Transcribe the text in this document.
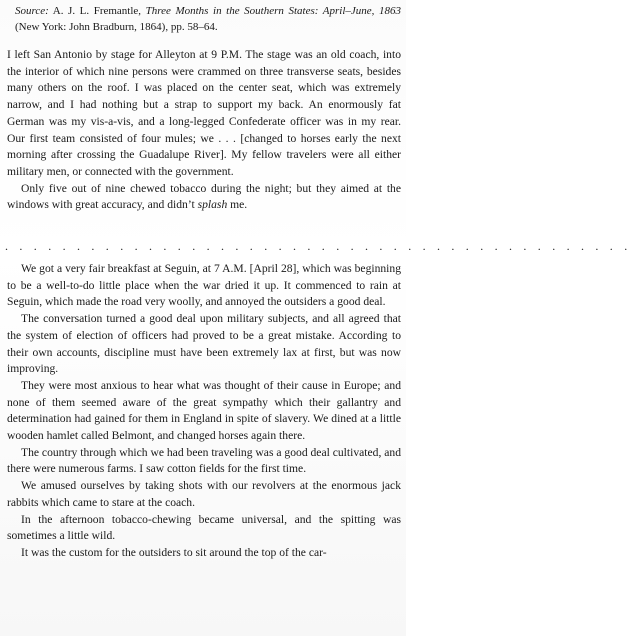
Source: A. J. L. Fremantle, Three Months in the Southern States: April–June, 1863 (New York: John Bradburn, 1864), pp. 58–64.

I left San Antonio by stage for Alleyton at 9 P.M. The stage was an old coach, into the interior of which nine persons were crammed on three transverse seats, besides many others on the roof. I was placed on the center seat, which was extremely narrow, and I had nothing but a strap to support my back. An enormously fat German was my vis-a-vis, and a long-legged Confederate officer was in my rear. Our first team consisted of four mules; we . . . [changed to horses early the next morning after crossing the Guadalupe River]. My fellow travelers were all either military men, or connected with the government.

Only five out of nine chewed tobacco during the night; but they aimed at the windows with great accuracy, and didn’t splash me.

. . . . . . . . . . . . . . . . . . . . . . . . . . . . . . . . . . . . . . . . . . . .

We got a very fair breakfast at Seguin, at 7 A.M. [April 28], which was beginning to be a well-to-do little place when the war dried it up. It commenced to rain at Seguin, which made the road very woolly, and annoyed the outsiders a good deal.

The conversation turned a good deal upon military subjects, and all agreed that the system of election of officers had proved to be a great mistake. According to their own accounts, discipline must have been extremely lax at first, but was now improving.

They were most anxious to hear what was thought of their cause in Europe; and none of them seemed aware of the great sympathy which their gallantry and determination had gained for them in England in spite of slavery. We dined at a little wooden hamlet called Belmont, and changed horses again there.

The country through which we had been traveling was a good deal cultivated, and there were numerous farms. I saw cotton fields for the first time.

We amused ourselves by taking shots with our revolvers at the enormous jack rabbits which came to stare at the coach.

In the afternoon tobacco-chewing became universal, and the spitting was sometimes a little wild.

It was the custom for the outsiders to sit around the top of the car-
